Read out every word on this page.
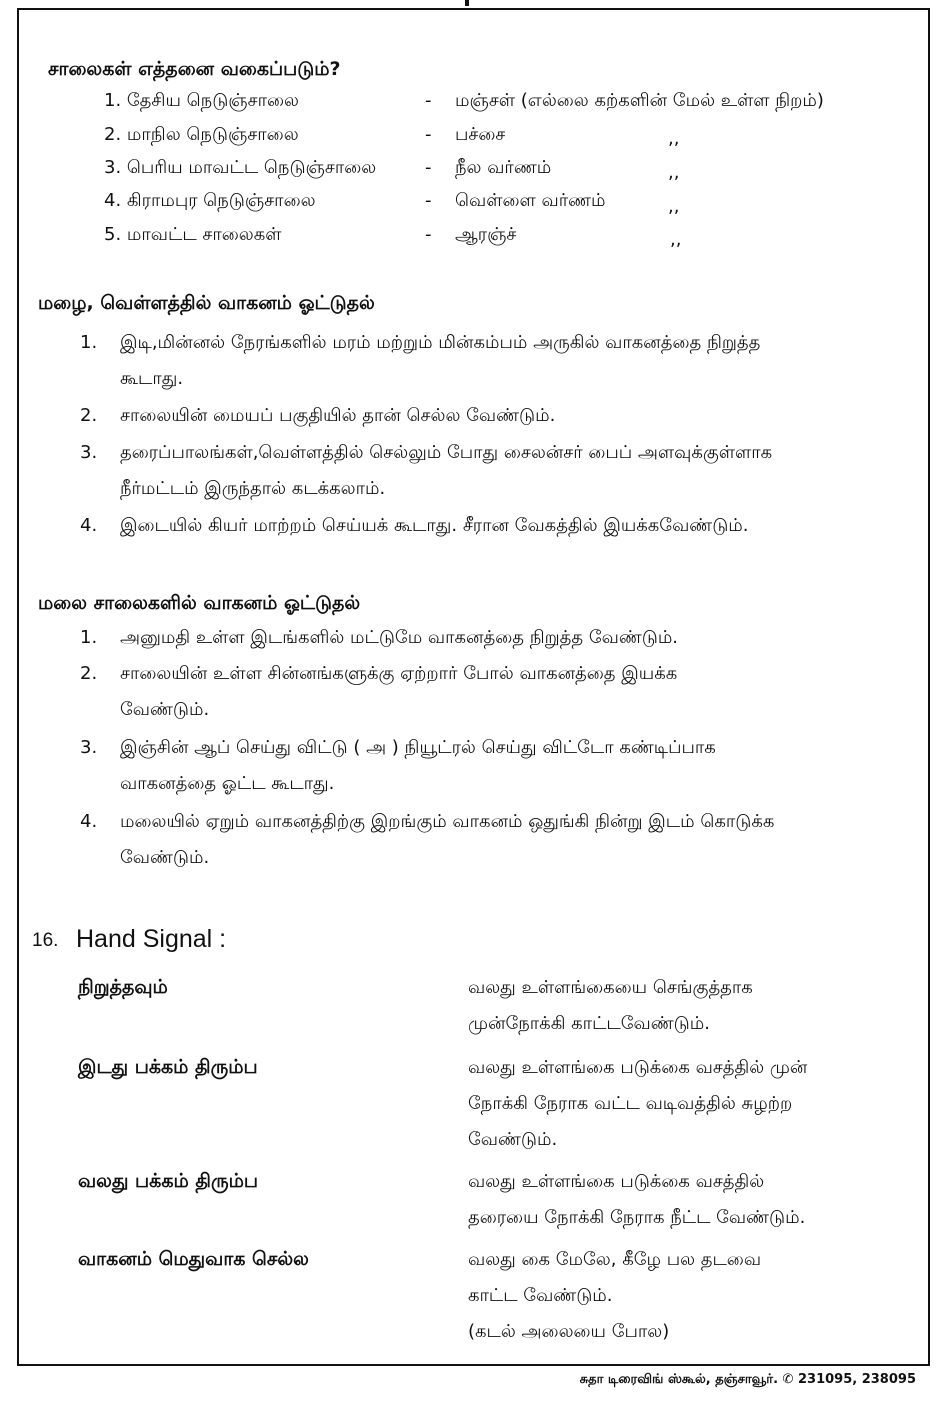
சாலைகள் எத்தனை வகைப்படும்?
1. தேசிய நெடுஞ்சாலை	- மஞ்சள் (எல்லை கற்களின் மேல் உள்ள நிறம்)
2. மாநில நெடுஞ்சாலை	- பச்சை	,,
3. பெரிய மாவட்ட நெடுஞ்சாலை	- நீல வர்ணம்	,,
4. கிராமபுர நெடுஞ்சாலை	- வெள்ளை வர்ணம்	,,
5. மாவட்ட சாலைகள்	- ஆரஞ்ச்	,,
மழை, வெள்ளத்தில் வாகனம் ஓட்டுதல்
1. இடி,மின்னல் நேரங்களில் மரம் மற்றும் மின்கம்பம் அருகில் வாகனத்தை நிறுத்த
கூடாது.
2. சாலையின் மையப் பகுதியில் தான் செல்ல வேண்டும்.
3. தரைப்பாலங்கள்,வெள்ளத்தில் செல்லும் போது சைலன்சர் பைப் அளவுக்குள்ளாக
நீர்மட்டம் இருந்தால் கடக்கலாம்.
4. இடையில் கியர் மாற்றம் செய்யக் கூடாது. சீரான வேகத்தில் இயக்கவேண்டும்.
மலை சாலைகளில் வாகனம் ஓட்டுதல்
1. அனுமதி உள்ள இடங்களில் மட்டுமே வாகனத்தை நிறுத்த வேண்டும்.
2. சாலையின் உள்ள சின்னங்களுக்கு ஏற்றார் போல் வாகனத்தை இயக்க
வேண்டும்.
3. இஞ்சின் ஆப் செய்து விட்டு ( அ ) நியூட்ரல் செய்து விட்டோ கண்டிப்பாக
வாகனத்தை ஓட்ட கூடாது.
4. மலையில் ஏறும் வாகனத்திற்கு இறங்கும் வாகனம் ஒதுங்கி நின்று இடம் கொடுக்க
வேண்டும்.
16. Hand Signal :
நிறுத்தவும்	வலது உள்ளங்கையை செங்குத்தாக
முன்நோக்கி காட்டவேண்டும்.
இடது பக்கம் திரும்ப	வலது உள்ளங்கை படுக்கை வசத்தில் முன்
நோக்கி நேராக வட்ட வடிவத்தில் சுழற்ற
வேண்டும்.
வலது பக்கம் திரும்ப	வலது உள்ளங்கை படுக்கை வசத்தில்
தரையை நோக்கி நேராக நீட்ட வேண்டும்.
வாகனம் மெதுவாக செல்ல	வலது கை மேலே, கீழே பல தடவை
காட்ட வேண்டும்.
(கடல் அலையை போல)
சுதா டிரைவிங் ஸ்கூல், தஞ்சாவூர். ✆ 231095, 238095
